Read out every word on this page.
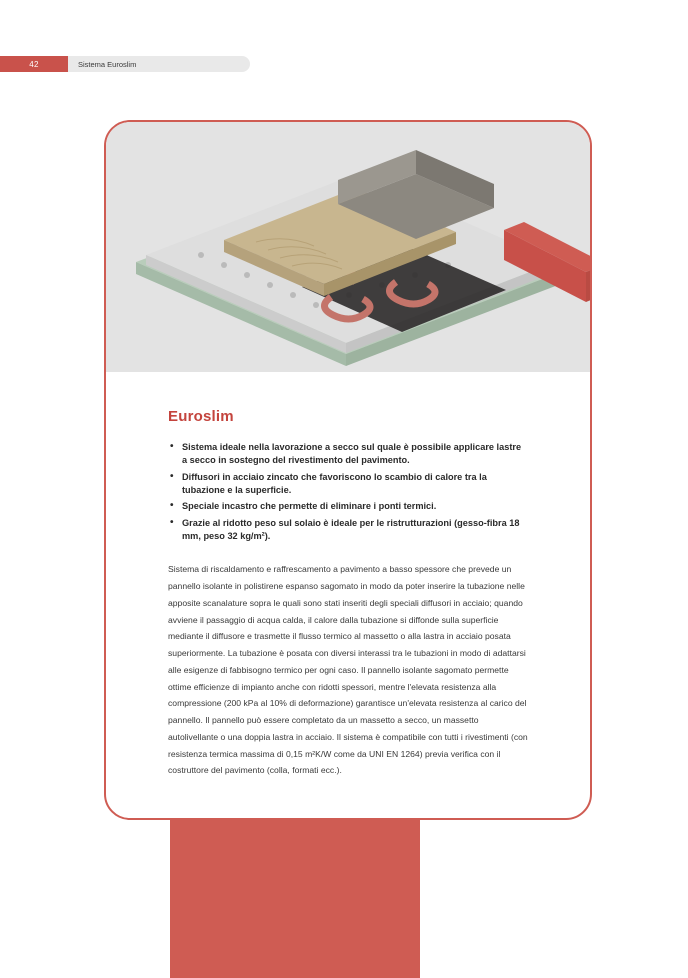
42	Sistema Euroslim
Euroslim
• Sistema ideale nella lavorazione a secco sul quale è possibile applicare lastre a secco in sostegno del rivestimento del pavimento.
• Diffusori in acciaio zincato che favoriscono lo scambio di calore tra la tubazione e la superficie.
• Speciale incastro che permette di eliminare i ponti termici.
• Grazie al ridotto peso sul solaio è ideale per le ristrutturazioni (gesso-fibra 18 mm, peso 32 kg/m²).

Sistema di riscaldamento e raffrescamento a pavimento a basso spessore che prevede un pannello isolante in polistirene espanso sagomato in modo da poter inserire la tubazione nelle apposite scanalature sopra le quali sono stati inseriti degli speciali diffusori in acciaio; quando avviene il passaggio di acqua calda, il calore dalla tubazione si diffonde sulla superficie mediante il diffusore e trasmette il flusso termico al massetto o alla lastra in acciaio posata superiormente. La tubazione è posata con diversi interassi tra le tubazioni in modo di adattarsi alle esigenze di fabbisogno termico per ogni caso. Il pannello isolante sagomato permette ottime efficienze di impianto anche con ridotti spessori, mentre l'elevata resistenza alla compressione (200 kPa al 10% di deformazione) garantisce un'elevata resistenza al carico del pannello. Il pannello può essere completato da un massetto a secco, un massetto autolivellante o una doppia lastra in acciaio. Il sistema è compatibile con tutti i rivestimenti (con resistenza termica massima di 0,15 m²K/W come da UNI EN 1264) previa verifica con il costruttore del pavimento (colla, formati ecc.).
